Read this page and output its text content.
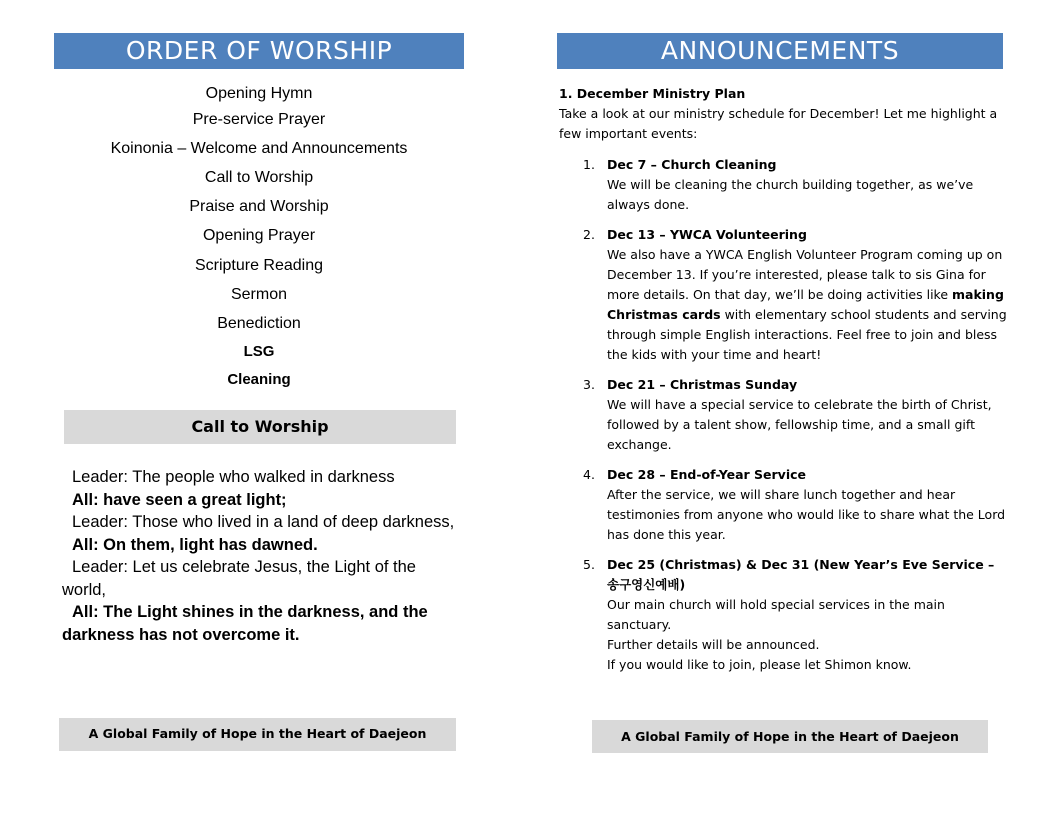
ORDER OF WORSHIP
Opening Hymn
Pre-service Prayer
Koinonia – Welcome and Announcements
Call to Worship
Praise and Worship
Opening Prayer
Scripture Reading
Sermon
Benediction
LSG
Cleaning
Call to Worship
Leader: The people who walked in darkness
All: have seen a great light;
Leader: Those who lived in a land of deep darkness,
All: On them, light has dawned.
Leader: Let us celebrate Jesus, the Light of the world,
All: The Light shines in the darkness, and the darkness has not overcome it.
A Global Family of Hope in the Heart of Daejeon
ANNOUNCEMENTS
1. December Ministry Plan
Take a look at our ministry schedule for December! Let me highlight a few important events:
1. Dec 7 – Church Cleaning
We will be cleaning the church building together, as we’ve always done.
2. Dec 13 – YWCA Volunteering
We also have a YWCA English Volunteer Program coming up on December 13. If you’re interested, please talk to sis Gina for more details. On that day, we’ll be doing activities like making Christmas cards with elementary school students and serving through simple English interactions. Feel free to join and bless the kids with your time and heart!
3. Dec 21 – Christmas Sunday
We will have a special service to celebrate the birth of Christ, followed by a talent show, fellowship time, and a small gift exchange.
4. Dec 28 – End-of-Year Service
After the service, we will share lunch together and hear testimonies from anyone who would like to share what the Lord has done this year.
5. Dec 25 (Christmas) & Dec 31 (New Year’s Eve Service – 송구영신예배)
Our main church will hold special services in the main sanctuary.
Further details will be announced.
If you would like to join, please let Shimon know.
A Global Family of Hope in the Heart of Daejeon
